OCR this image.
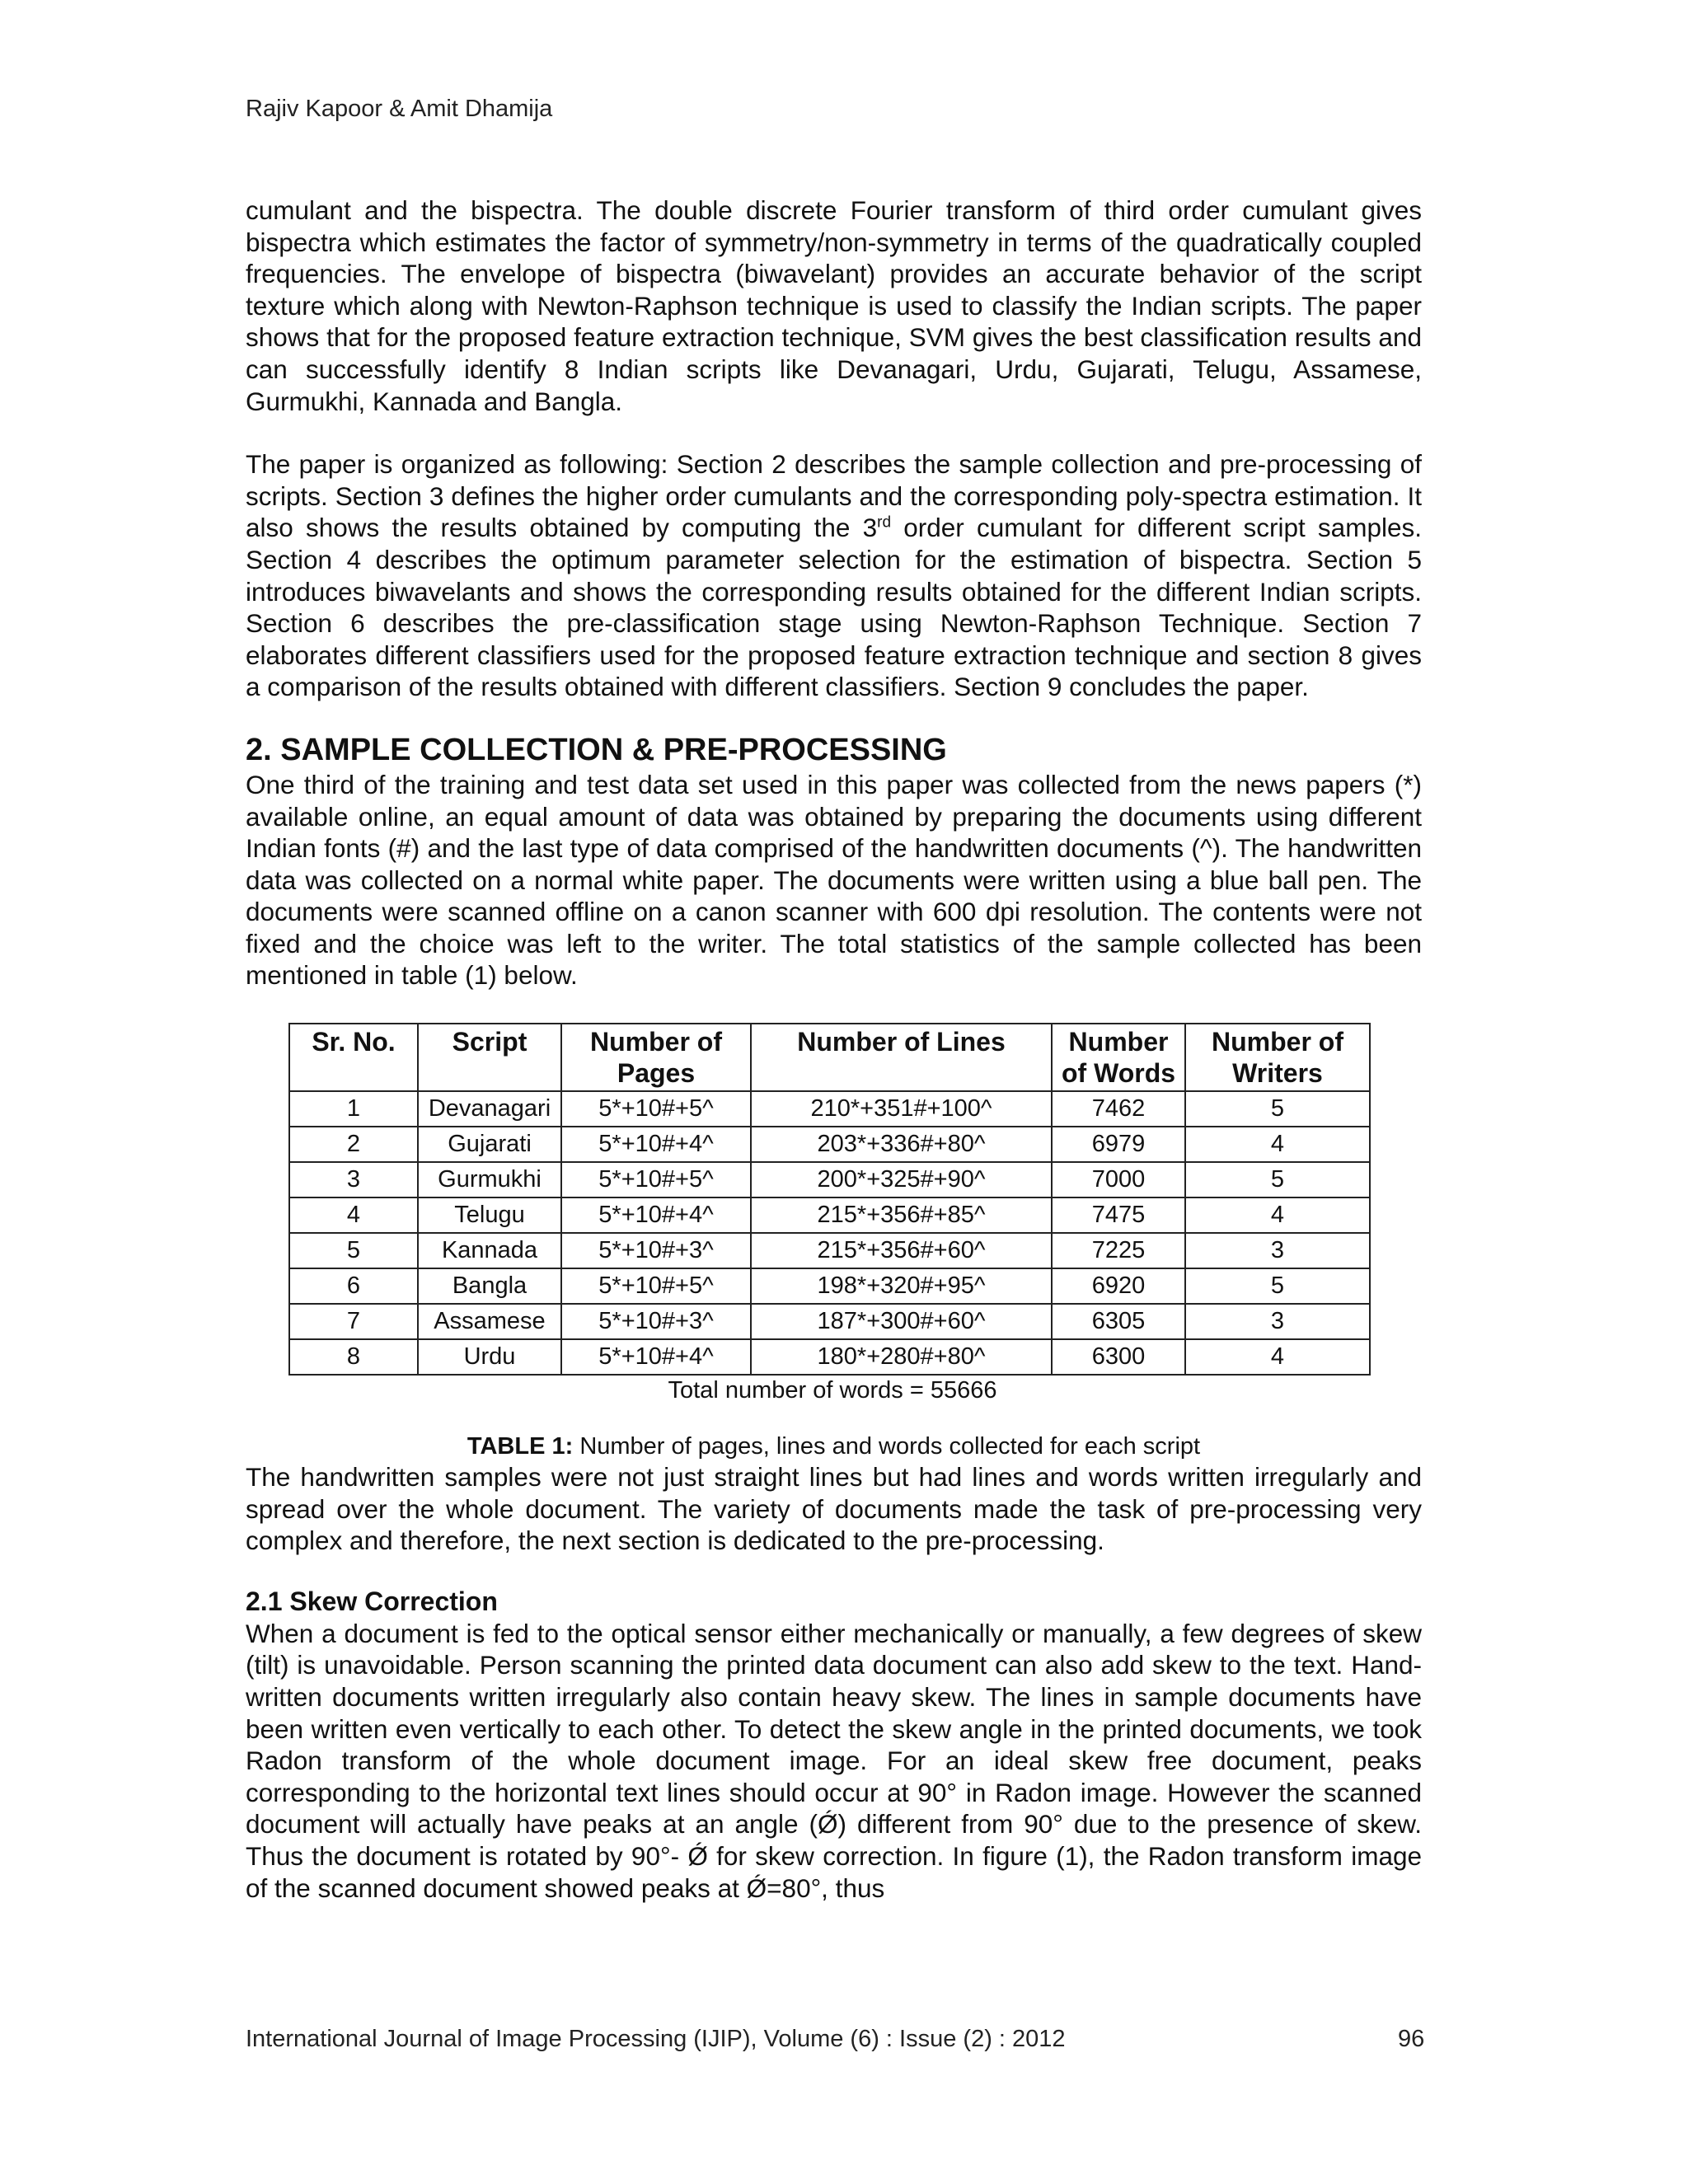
Rajiv Kapoor & Amit Dhamija

cumulant and the bispectra. The double discrete Fourier transform of third order cumulant gives bispectra which estimates the factor of symmetry/non-symmetry in terms of the quadratically coupled frequencies. The envelope of bispectra (biwavelant) provides an accurate behavior of the script texture which along with Newton-Raphson technique is used to classify the Indian scripts. The paper shows that for the proposed feature extraction technique, SVM gives the best classification results and can successfully identify 8 Indian scripts like Devanagari, Urdu, Gujarati, Telugu, Assamese, Gurmukhi, Kannada and Bangla.

The paper is organized as following: Section 2 describes the sample collection and pre-processing of scripts. Section 3 defines the higher order cumulants and the corresponding poly-spectra estimation. It also shows the results obtained by computing the 3rd order cumulant for different script samples. Section 4 describes the optimum parameter selection for the estimation of bispectra. Section 5 introduces biwavelants and shows the corresponding results obtained for the different Indian scripts. Section 6 describes the pre-classification stage using Newton-Raphson Technique. Section 7 elaborates different classifiers used for the proposed feature extraction technique and section 8 gives a comparison of the results obtained with different classifiers. Section 9 concludes the paper.

2. SAMPLE COLLECTION & PRE-PROCESSING

One third of the training and test data set used in this paper was collected from the news papers (*) available online, an equal amount of data was obtained by preparing the documents using different Indian fonts (#) and the last type of data comprised of the handwritten documents (^). The handwritten data was collected on a normal white paper. The documents were written using a blue ball pen. The documents were scanned offline on a canon scanner with 600 dpi resolution. The contents were not fixed and the choice was left to the writer. The total statistics of the sample collected has been mentioned in table (1) below.

Sr. No.	Script	Number of Pages	Number of Lines	Number of Words	Number of Writers
1	Devanagari	5*+10#+5^	210*+351#+100^	7462	5
2	Gujarati	5*+10#+4^	203*+336#+80^	6979	4
3	Gurmukhi	5*+10#+5^	200*+325#+90^	7000	5
4	Telugu	5*+10#+4^	215*+356#+85^	7475	4
5	Kannada	5*+10#+3^	215*+356#+60^	7225	3
6	Bangla	5*+10#+5^	198*+320#+95^	6920	5
7	Assamese	5*+10#+3^	187*+300#+60^	6305	3
8	Urdu	5*+10#+4^	180*+280#+80^	6300	4
Total number of words = 55666
TABLE 1: Number of pages, lines and words collected for each script

The handwritten samples were not just straight lines but had lines and words written irregularly and spread over the whole document. The variety of documents made the task of pre-processing very complex and therefore, the next section is dedicated to the pre-processing.

2.1 Skew Correction

When a document is fed to the optical sensor either mechanically or manually, a few degrees of skew (tilt) is unavoidable. Person scanning the printed data document can also add skew to the text. Hand-written documents written irregularly also contain heavy skew. The lines in sample documents have been written even vertically to each other. To detect the skew angle in the printed documents, we took Radon transform of the whole document image. For an ideal skew free document, peaks corresponding to the horizontal text lines should occur at 90° in Radon image. However the scanned document will actually have peaks at an angle (Ǿ) different from 90° due to the presence of skew. Thus the document is rotated by 90°- Ǿ for skew correction. In figure (1), the Radon transform image of the scanned document showed peaks at Ǿ=80°, thus

International Journal of Image Processing (IJIP), Volume (6) : Issue (2) : 2012	96
